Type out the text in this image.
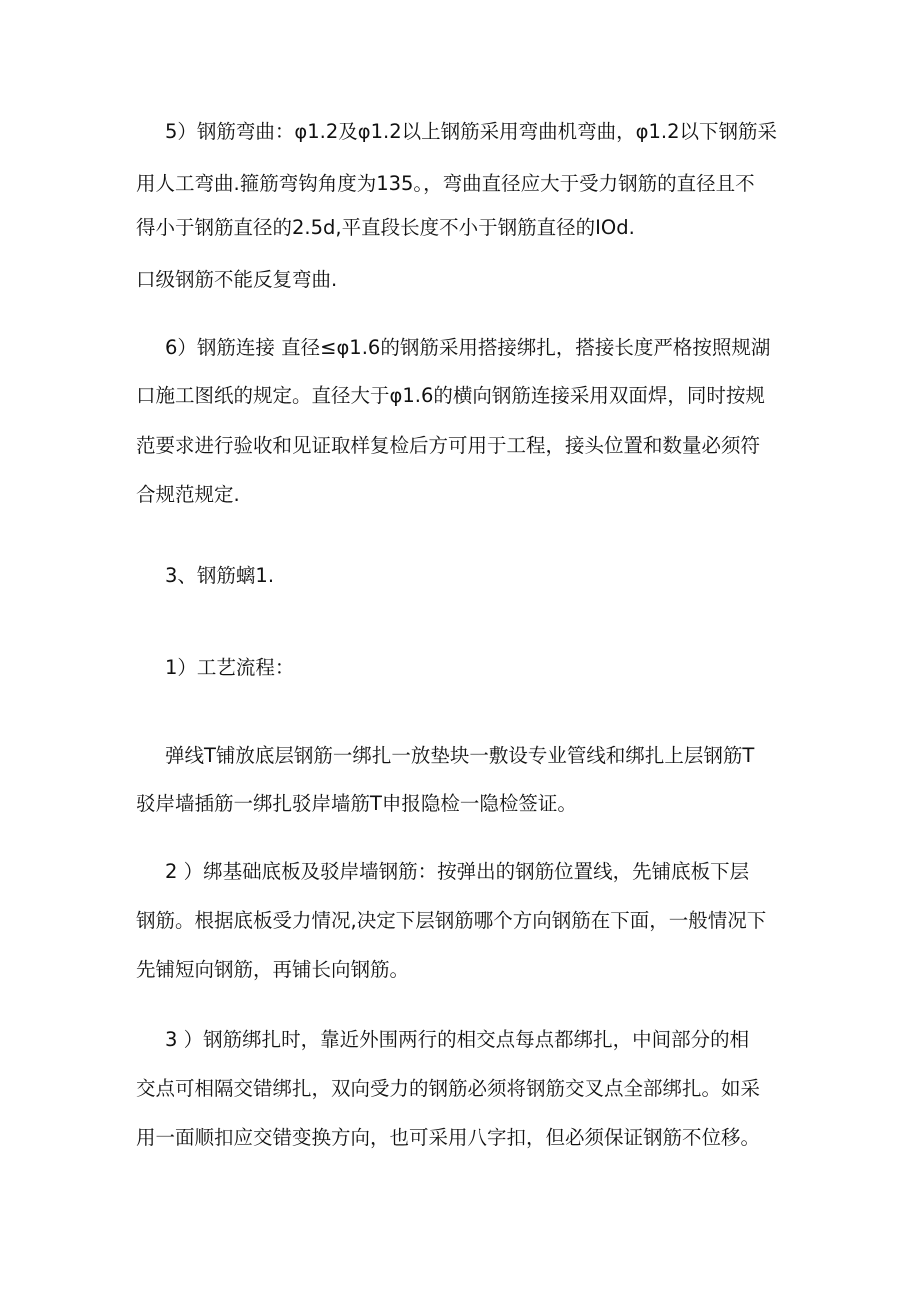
5）钢筋弯曲：φ1.2及φ1.2以上钢筋采用弯曲机弯曲，φ1.2以下钢筋采
用人工弯曲.箍筋弯钩角度为135。，弯曲直径应大于受力钢筋的直径且不
得小于钢筋直径的2.5d,平直段长度不小于钢筋直径的IOd.
口级钢筋不能反复弯曲.
6）钢筋连接 直径≤φ1.6的钢筋采用搭接绑扎，搭接长度严格按照规湖
口施工图纸的规定。直径大于φ1.6的横向钢筋连接采用双面焊，同时按规
范要求进行验收和见证取样复检后方可用于工程，接头位置和数量必须符
合规范规定.
3、钢筋螭1.
1）工艺流程：
弹线T铺放底层钢筋一绑扎一放垫块一敷设专业管线和绑扎上层钢筋T
驳岸墙插筋一绑扎驳岸墙筋T申报隐检一隐检签证。
2 ）绑基础底板及驳岸墙钢筋：按弹出的钢筋位置线，先铺底板下层
钢筋。根据底板受力情况,决定下层钢筋哪个方向钢筋在下面，一般情况下
先铺短向钢筋，再铺长向钢筋。
3 ）钢筋绑扎时，靠近外围两行的相交点每点都绑扎，中间部分的相
交点可相隔交错绑扎，双向受力的钢筋必须将钢筋交叉点全部绑扎。如采
用一面顺扣应交错变换方向，也可采用八字扣，但必须保证钢筋不位移。
